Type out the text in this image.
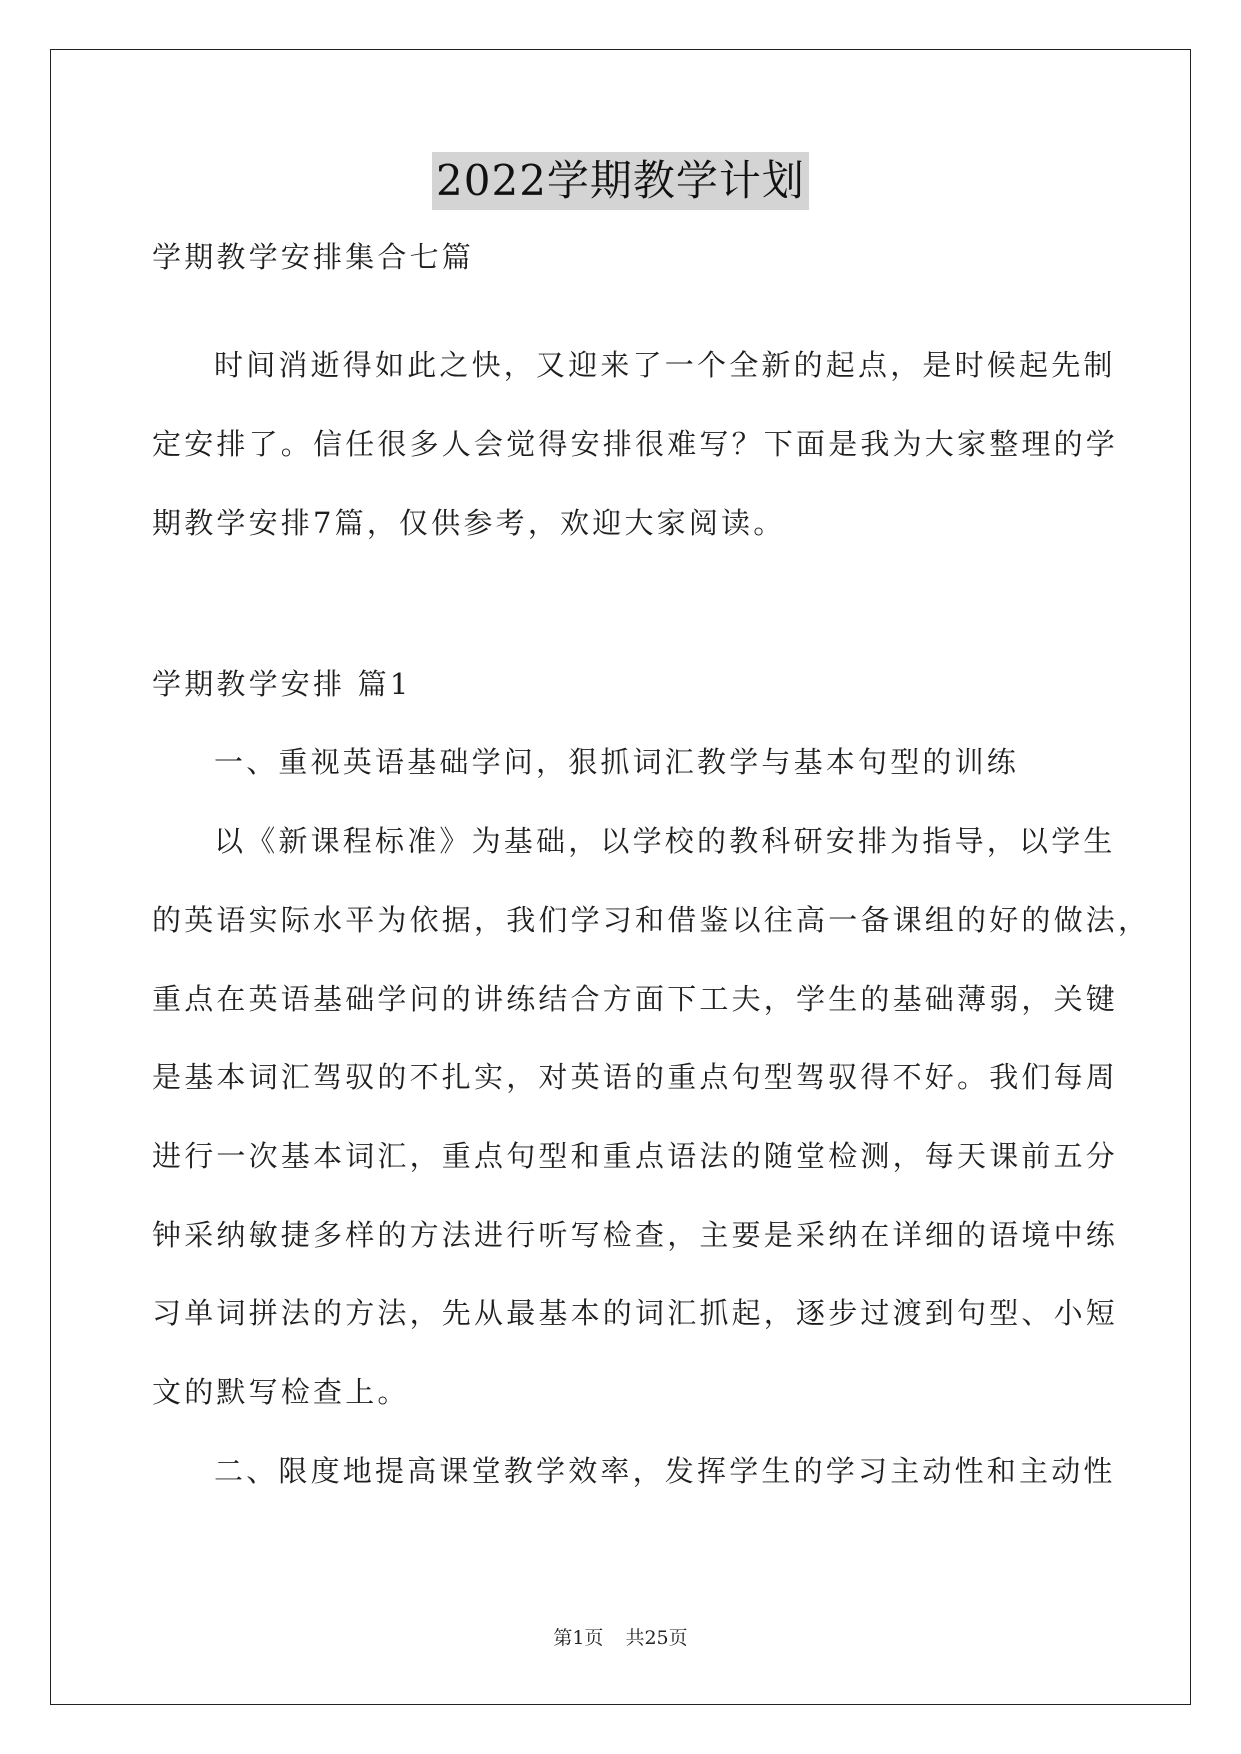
2022学期教学计划
学期教学安排集合七篇
时间消逝得如此之快，又迎来了一个全新的起点，是时候起先制
定安排了。信任很多人会觉得安排很难写？下面是我为大家整理的学
期教学安排7篇，仅供参考，欢迎大家阅读。
学期教学安排 篇1
一、重视英语基础学问，狠抓词汇教学与基本句型的训练
以《新课程标准》为基础，以学校的教科研安排为指导，以学生
的英语实际水平为依据，我们学习和借鉴以往高一备课组的好的做法，
重点在英语基础学问的讲练结合方面下工夫，学生的基础薄弱，关键
是基本词汇驾驭的不扎实，对英语的重点句型驾驭得不好。我们每周
进行一次基本词汇，重点句型和重点语法的随堂检测，每天课前五分
钟采纳敏捷多样的方法进行听写检查，主要是采纳在详细的语境中练
习单词拼法的方法，先从最基本的词汇抓起，逐步过渡到句型、小短
文的默写检查上。
二、限度地提高课堂教学效率，发挥学生的学习主动性和主动性
第1页 共25页
